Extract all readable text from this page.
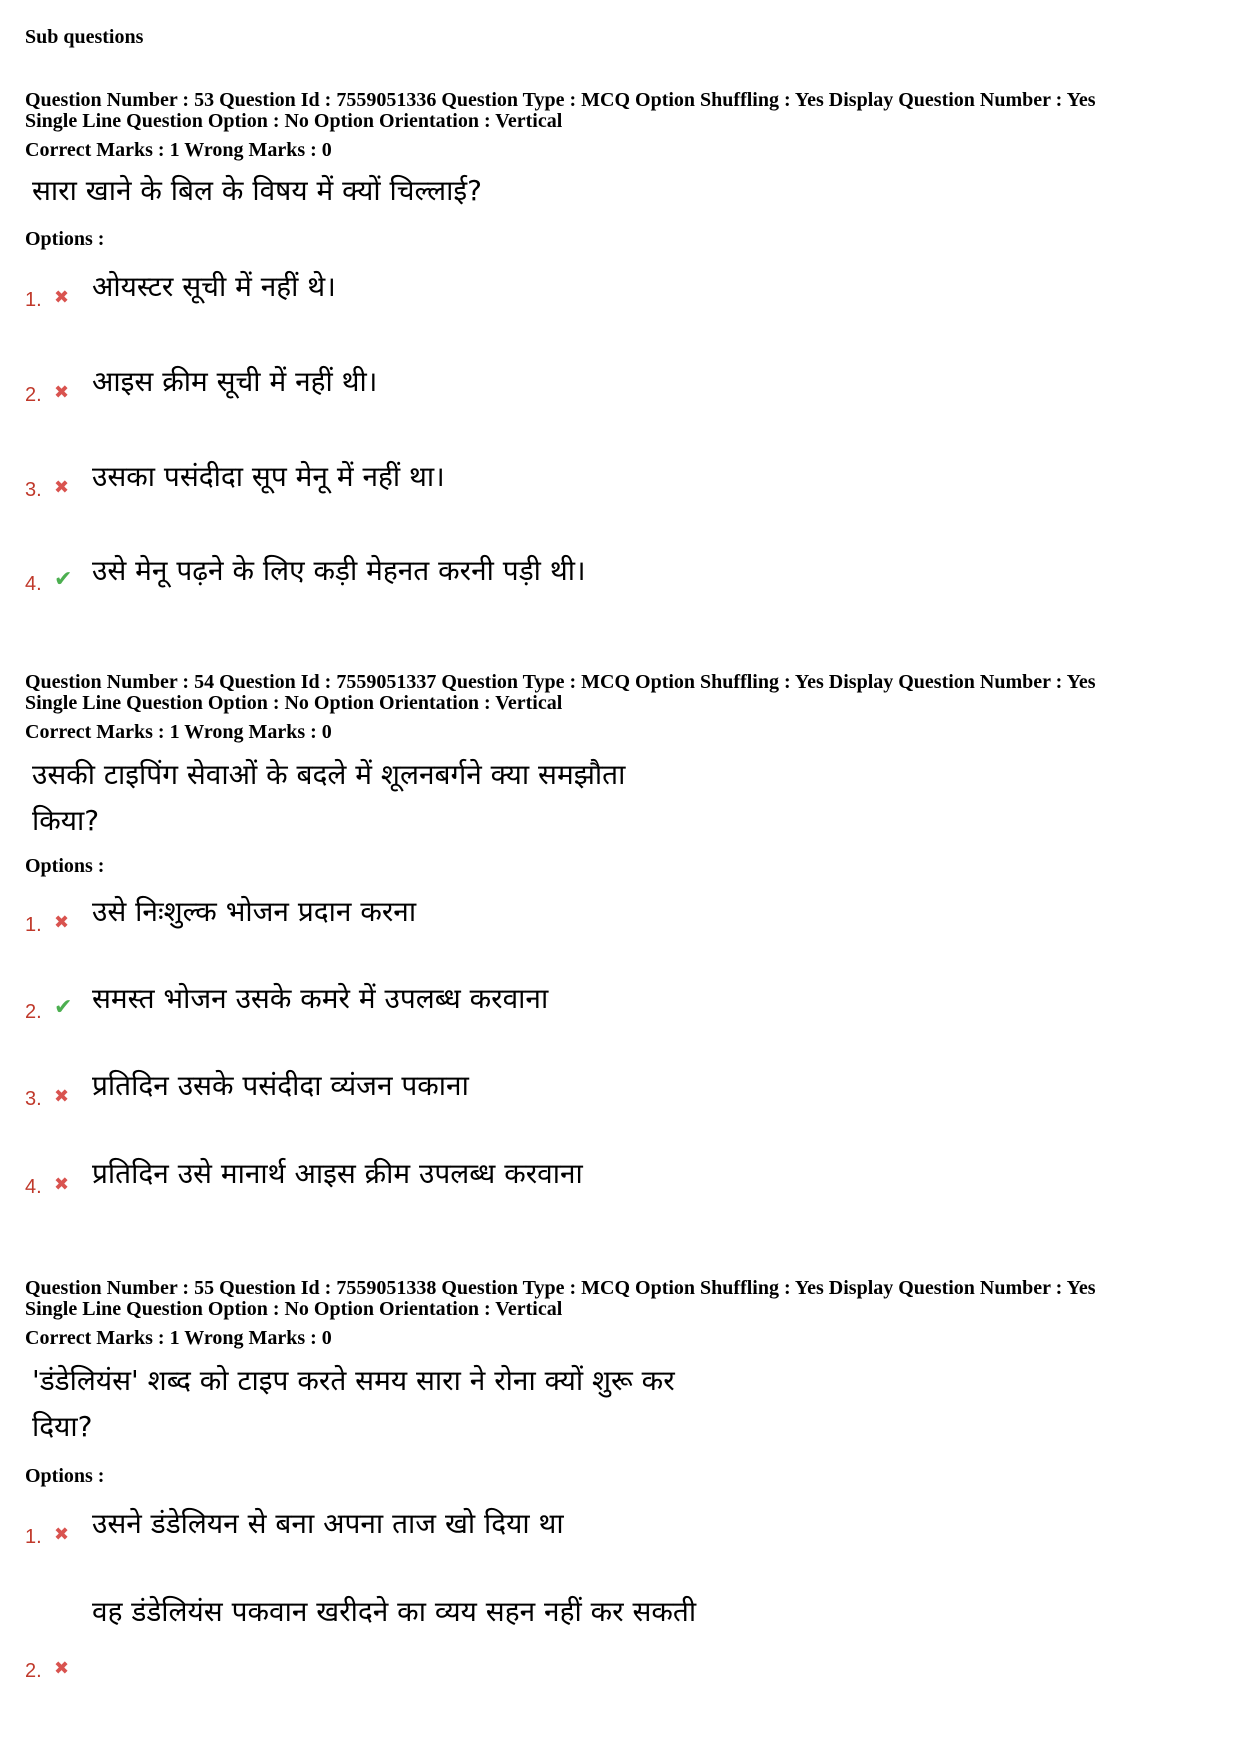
Sub questions
Question Number : 53 Question Id : 7559051336 Question Type : MCQ Option Shuffling : Yes Display Question Number : Yes
Single Line Question Option : No Option Orientation : Vertical
Correct Marks : 1 Wrong Marks : 0
सारा खाने के बिल के विषय में क्यों चिल्लाई?
Options :
1. ✖ ओयस्टर सूची में नहीं थे।
2. ✖ आइस क्रीम सूची में नहीं थी।
3. ✖ उसका पसंदीदा सूप मेनू में नहीं था।
4. ✔ उसे मेनू पढ़ने के लिए कड़ी मेहनत करनी पड़ी थी।
Question Number : 54 Question Id : 7559051337 Question Type : MCQ Option Shuffling : Yes Display Question Number : Yes
Single Line Question Option : No Option Orientation : Vertical
Correct Marks : 1 Wrong Marks : 0
उसकी टाइपिंग सेवाओं के बदले में शूलनबर्गने क्या समझौता किया?
Options :
1. ✖ उसे निःशुल्क भोजन प्रदान करना
2. ✔ समस्त भोजन उसके कमरे में उपलब्ध करवाना
3. ✖ प्रतिदिन उसके पसंदीदा व्यंजन पकाना
4. ✖ प्रतिदिन उसे मानार्थ आइस क्रीम उपलब्ध करवाना
Question Number : 55 Question Id : 7559051338 Question Type : MCQ Option Shuffling : Yes Display Question Number : Yes
Single Line Question Option : No Option Orientation : Vertical
Correct Marks : 1 Wrong Marks : 0
'डंडेलियंस' शब्द को टाइप करते समय सारा ने रोना क्यों शुरू कर दिया?
Options :
1. ✖ उसने डंडेलियन से बना अपना ताज खो दिया था
2. ✖
वह डंडेलियंस पकवान खरीदने का व्यय सहन नहीं कर सकती
